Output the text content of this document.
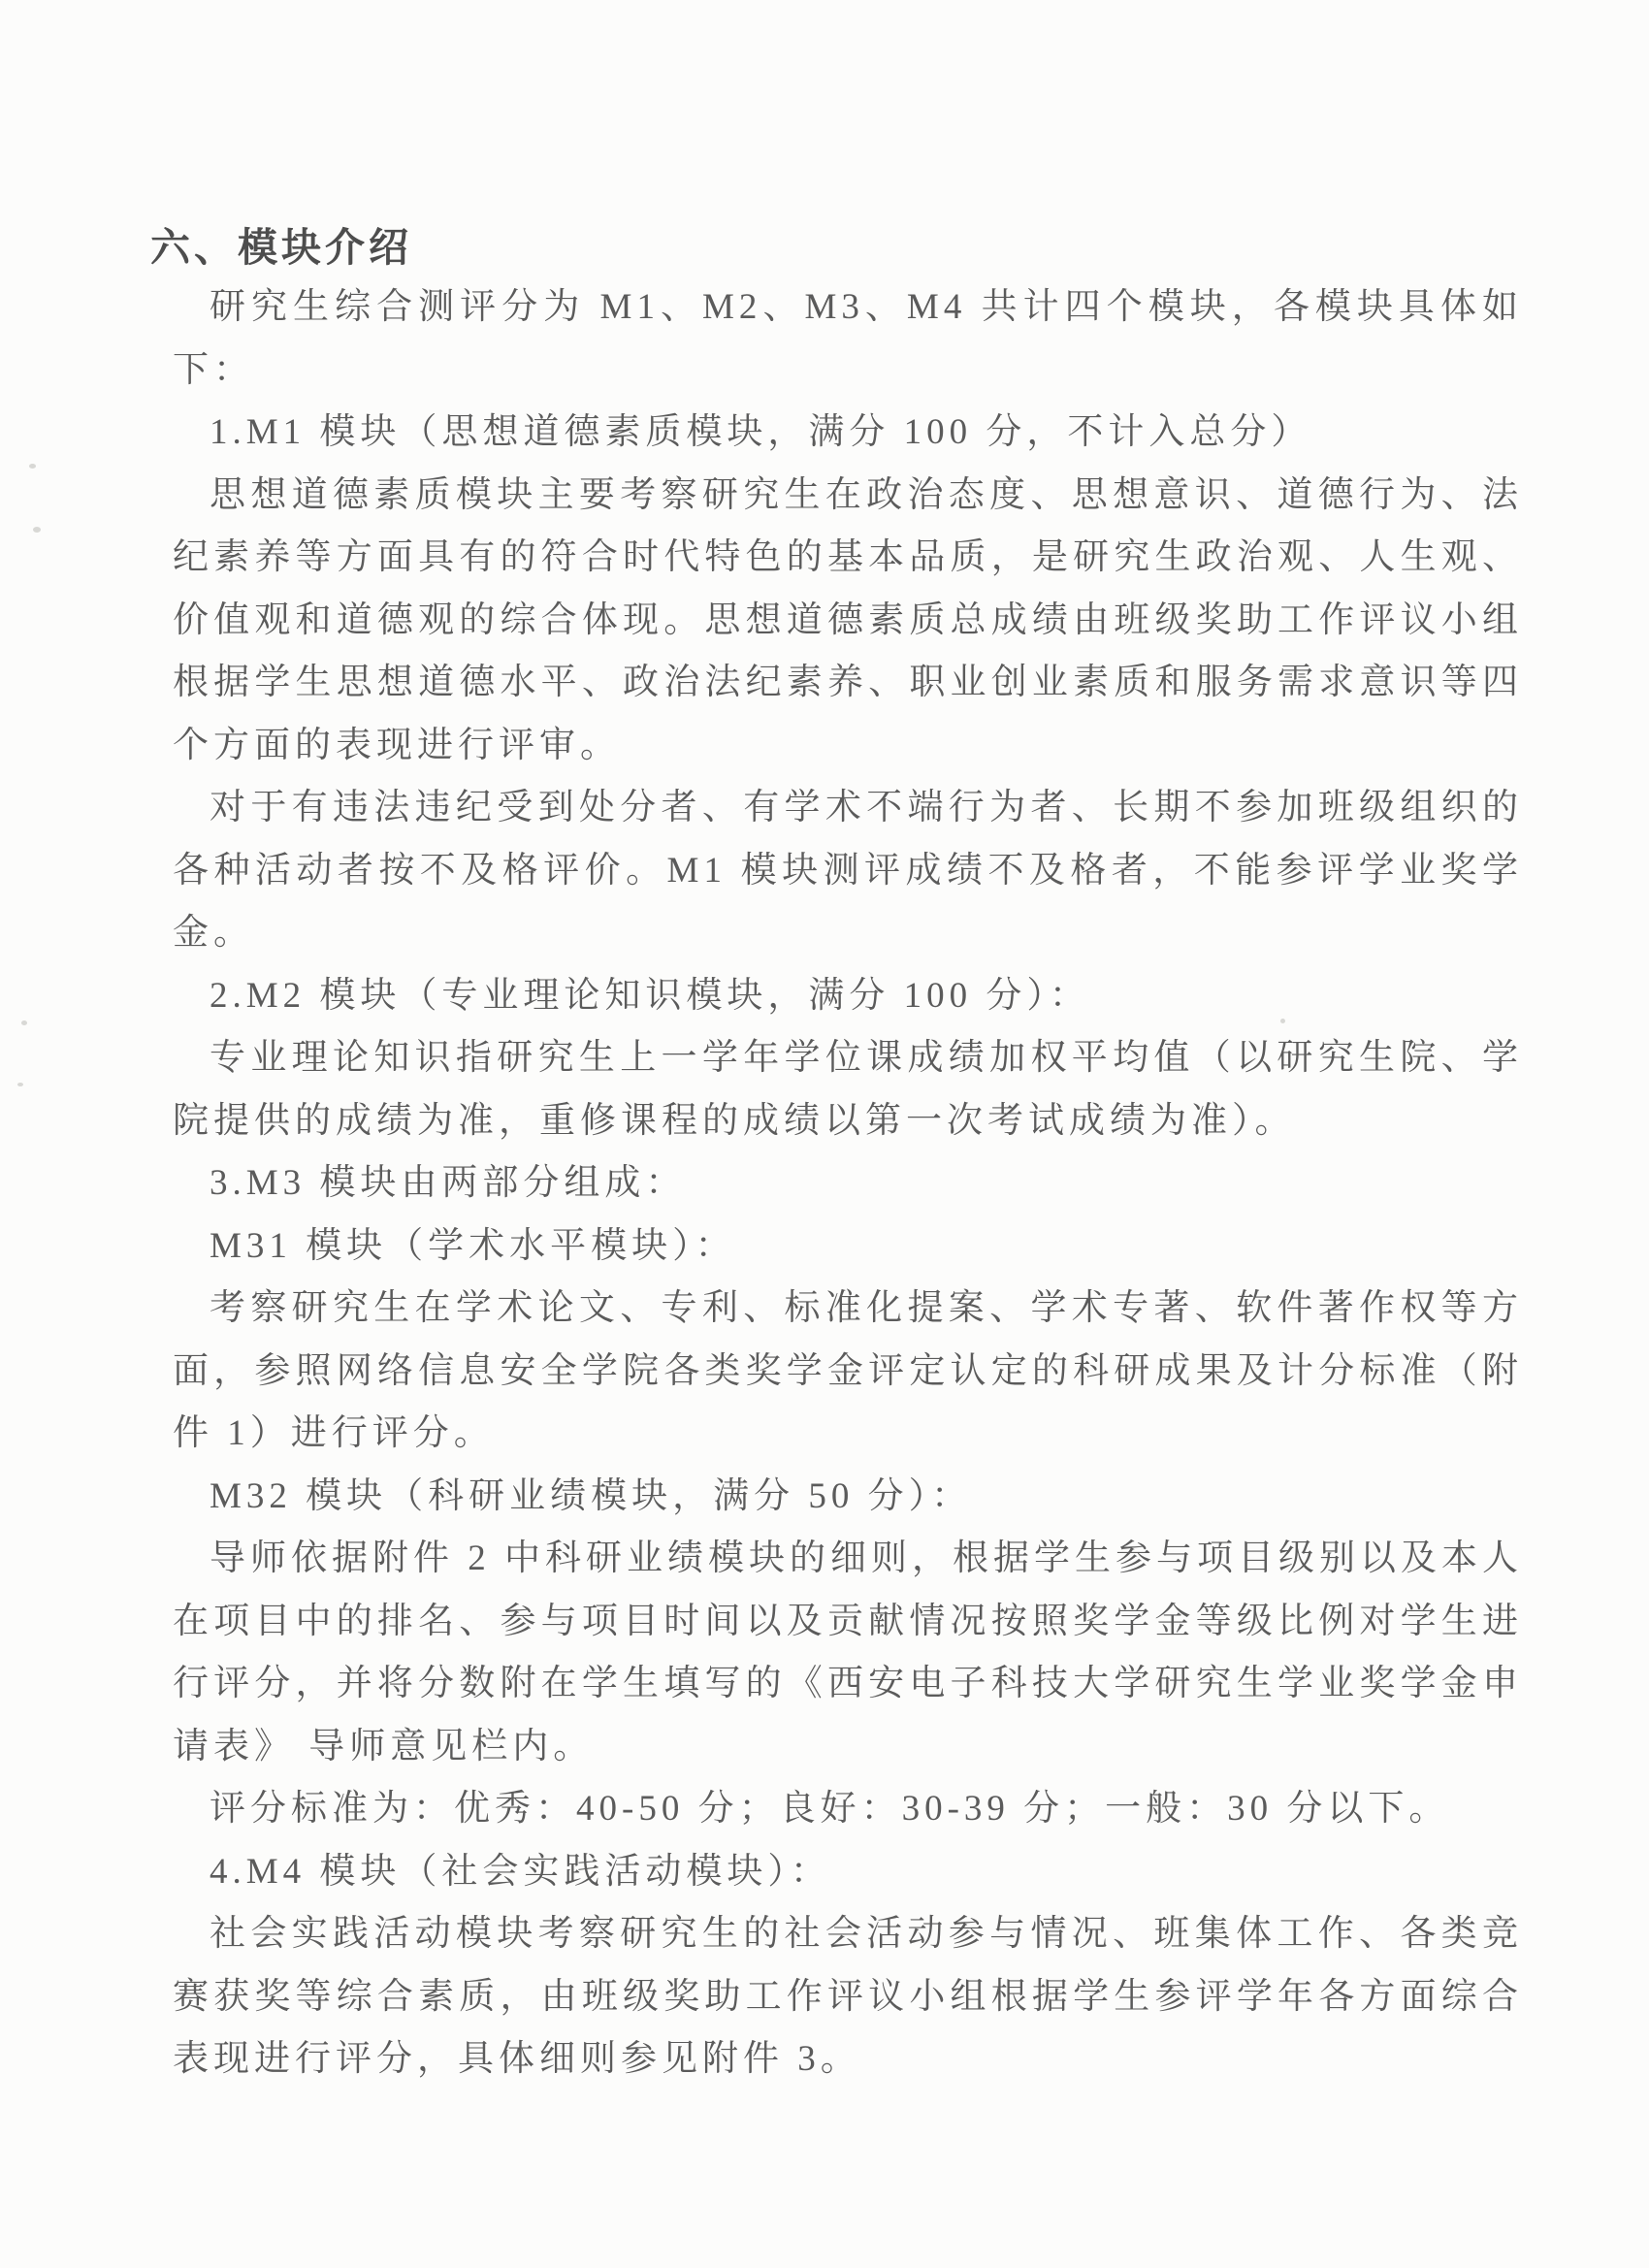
六、模块介绍

研究生综合测评分为 M1、M2、M3、M4 共计四个模块，各模块具体如下：

1.M1 模块（思想道德素质模块，满分 100 分，不计入总分）

思想道德素质模块主要考察研究生在政治态度、思想意识、道德行为、法纪素养等方面具有的符合时代特色的基本品质，是研究生政治观、人生观、价值观和道德观的综合体现。思想道德素质总成绩由班级奖助工作评议小组根据学生思想道德水平、政治法纪素养、职业创业素质和服务需求意识等四个方面的表现进行评审。

对于有违法违纪受到处分者、有学术不端行为者、长期不参加班级组织的各种活动者按不及格评价。M1 模块测评成绩不及格者，不能参评学业奖学金。

2.M2 模块（专业理论知识模块，满分 100 分）：

专业理论知识指研究生上一学年学位课成绩加权平均值（以研究生院、学院提供的成绩为准，重修课程的成绩以第一次考试成绩为准）。

3.M3 模块由两部分组成：

M31 模块（学术水平模块）：

考察研究生在学术论文、专利、标准化提案、学术专著、软件著作权等方面，参照网络信息安全学院各类奖学金评定认定的科研成果及计分标准（附件 1）进行评分。

M32 模块（科研业绩模块，满分 50 分）：

导师依据附件 2 中科研业绩模块的细则，根据学生参与项目级别以及本人在项目中的排名、参与项目时间以及贡献情况按照奖学金等级比例对学生进行评分，并将分数附在学生填写的《西安电子科技大学研究生学业奖学金申请表》 导师意见栏内。

评分标准为：优秀：40-50 分；良好：30-39 分；一般：30 分以下。

4.M4 模块（社会实践活动模块）：

社会实践活动模块考察研究生的社会活动参与情况、班集体工作、各类竞赛获奖等综合素质，由班级奖助工作评议小组根据学生参评学年各方面综合表现进行评分，具体细则参见附件 3。
